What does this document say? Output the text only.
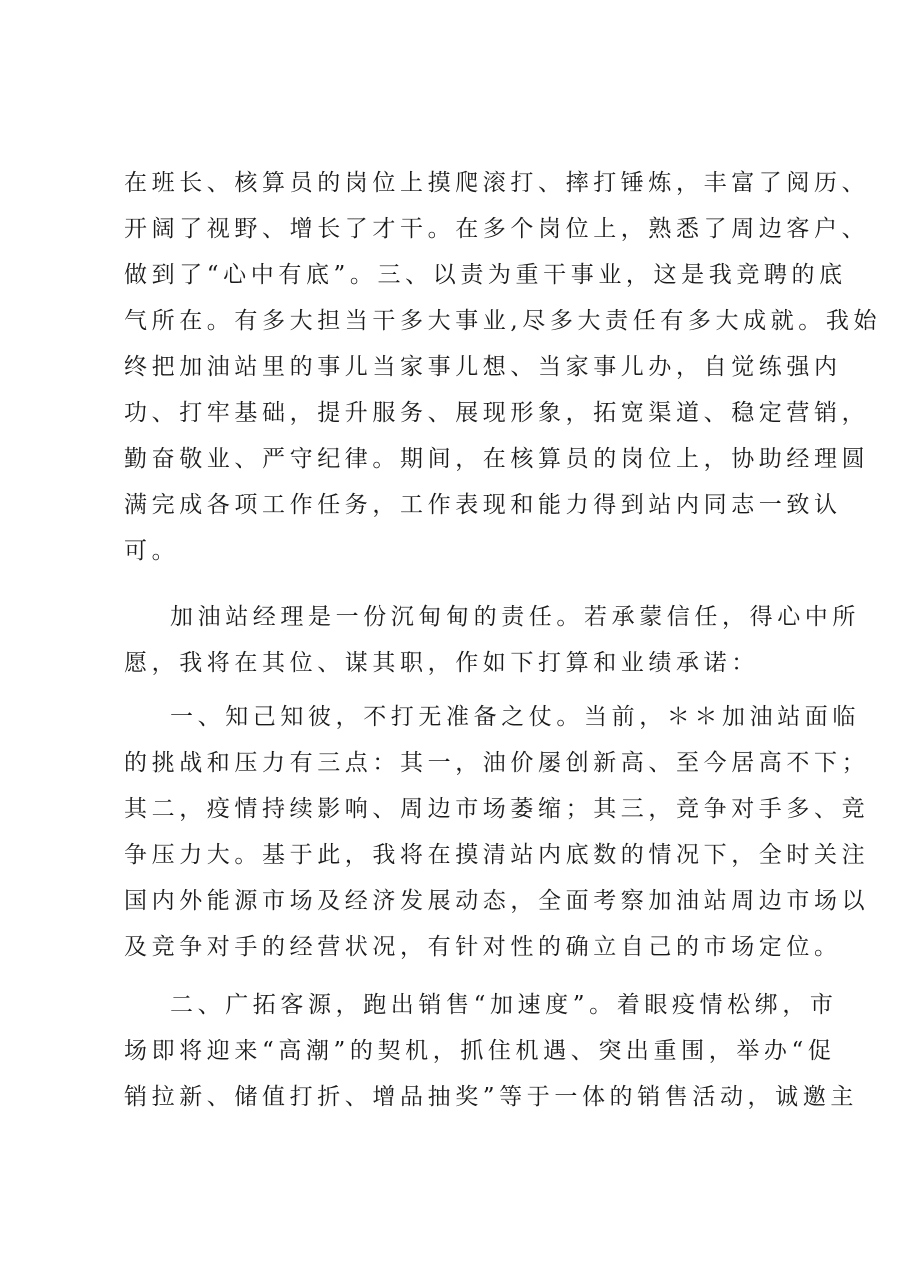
在班长、核算员的岗位上摸爬滚打、摔打锤炼，丰富了阅历、
开阔了视野、增长了才干。在多个岗位上，熟悉了周边客户、
做到了“心中有底”。三、以责为重干事业，这是我竞聘的底
气所在。有多大担当干多大事业,尽多大责任有多大成就。我始
终把加油站里的事儿当家事儿想、当家事儿办，自觉练强内
功、打牢基础，提升服务、展现形象，拓宽渠道、稳定营销，
勤奋敬业、严守纪律。期间，在核算员的岗位上，协助经理圆
满完成各项工作任务，工作表现和能力得到站内同志一致认
可。
加油站经理是一份沉甸甸的责任。若承蒙信任，得心中所
愿，我将在其位、谋其职，作如下打算和业绩承诺：
一、知己知彼，不打无准备之仗。当前，＊＊加油站面临
的挑战和压力有三点：其一，油价屡创新高、至今居高不下；
其二，疫情持续影响、周边市场萎缩；其三，竞争对手多、竞
争压力大。基于此，我将在摸清站内底数的情况下，全时关注
国内外能源市场及经济发展动态，全面考察加油站周边市场以
及竞争对手的经营状况，有针对性的确立自己的市场定位。
二、广拓客源，跑出销售“加速度”。着眼疫情松绑，市
场即将迎来“高潮”的契机，抓住机遇、突出重围，举办“促
销拉新、储值打折、增品抽奖”等于一体的销售活动，诚邀主
